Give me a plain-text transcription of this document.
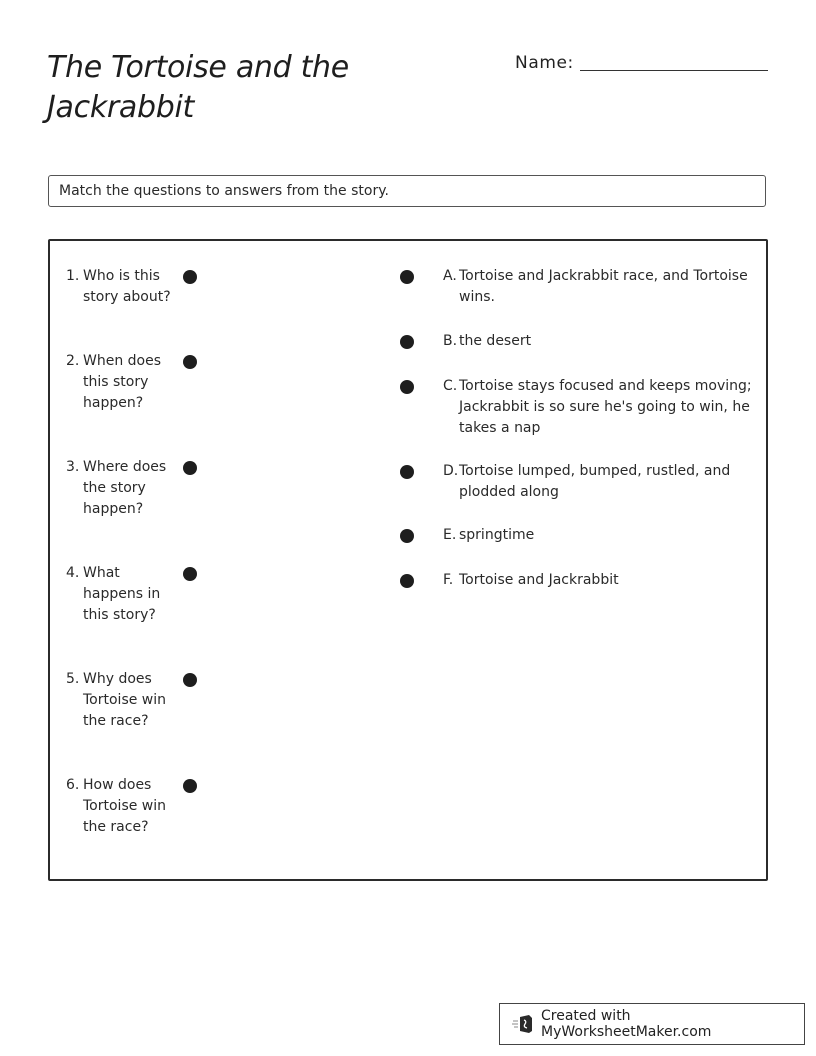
The Tortoise and the Jackrabbit
Name:
Match the questions to answers from the story.
1. Who is this story about?
2. When does this story happen?
3. Where does the story happen?
4. What happens in this story?
5. Why does Tortoise win the race?
6. How does Tortoise win the race?
A. Tortoise and Jackrabbit race, and Tortoise wins.
B. the desert
C. Tortoise stays focused and keeps moving; Jackrabbit is so sure he's going to win, he takes a nap
D. Tortoise lumped, bumped, rustled, and plodded along
E. springtime
F. Tortoise and Jackrabbit
Created with MyWorksheetMaker.com
